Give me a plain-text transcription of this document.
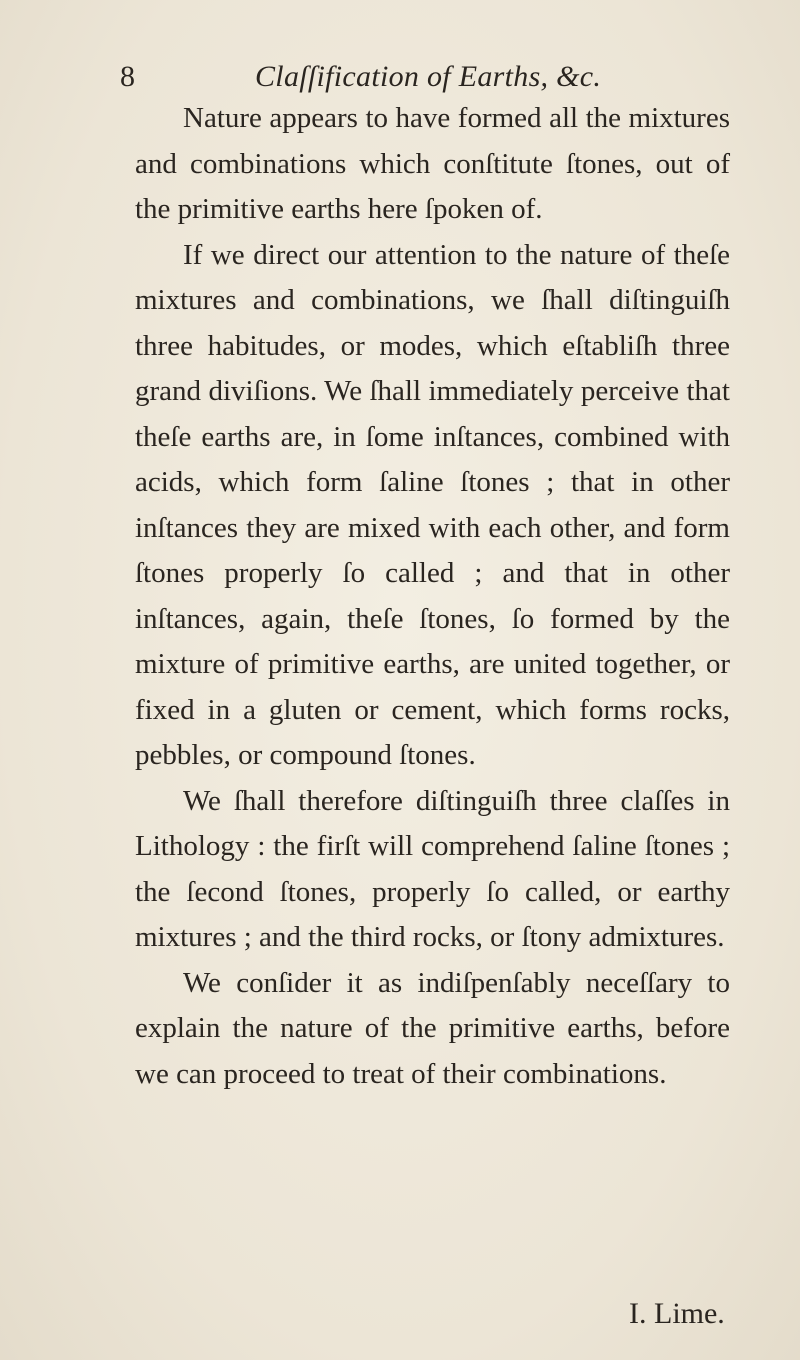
8	Claſſification of Earths, &c.

Nature appears to have formed all the mixtures and combinations which conſtitute ſtones, out of the primitive earths here ſpoken of.

If we direct our attention to the nature of theſe mixtures and combinations, we ſhall diſtinguiſh three habitudes, or modes, which eſtabliſh three grand diviſions. We ſhall immediately perceive that theſe earths are, in ſome inſtances, combined with acids, which form ſaline ſtones ; that in other inſtances they are mixed with each other, and form ſtones properly ſo called ; and that in other inſtances, again, theſe ſtones, ſo formed by the mixture of primitive earths, are united together, or fixed in a gluten or cement, which forms rocks, pebbles, or compound ſtones.

We ſhall therefore diſtinguiſh three claſſes in Lithology : the firſt will comprehend ſaline ſtones ; the ſecond ſtones, properly ſo called, or earthy mixtures ; and the third rocks, or ſtony admixtures.

We conſider it as indiſpenſably neceſſary to explain the nature of the primitive earths, before we can proceed to treat of their combinations.

I. Lime.
